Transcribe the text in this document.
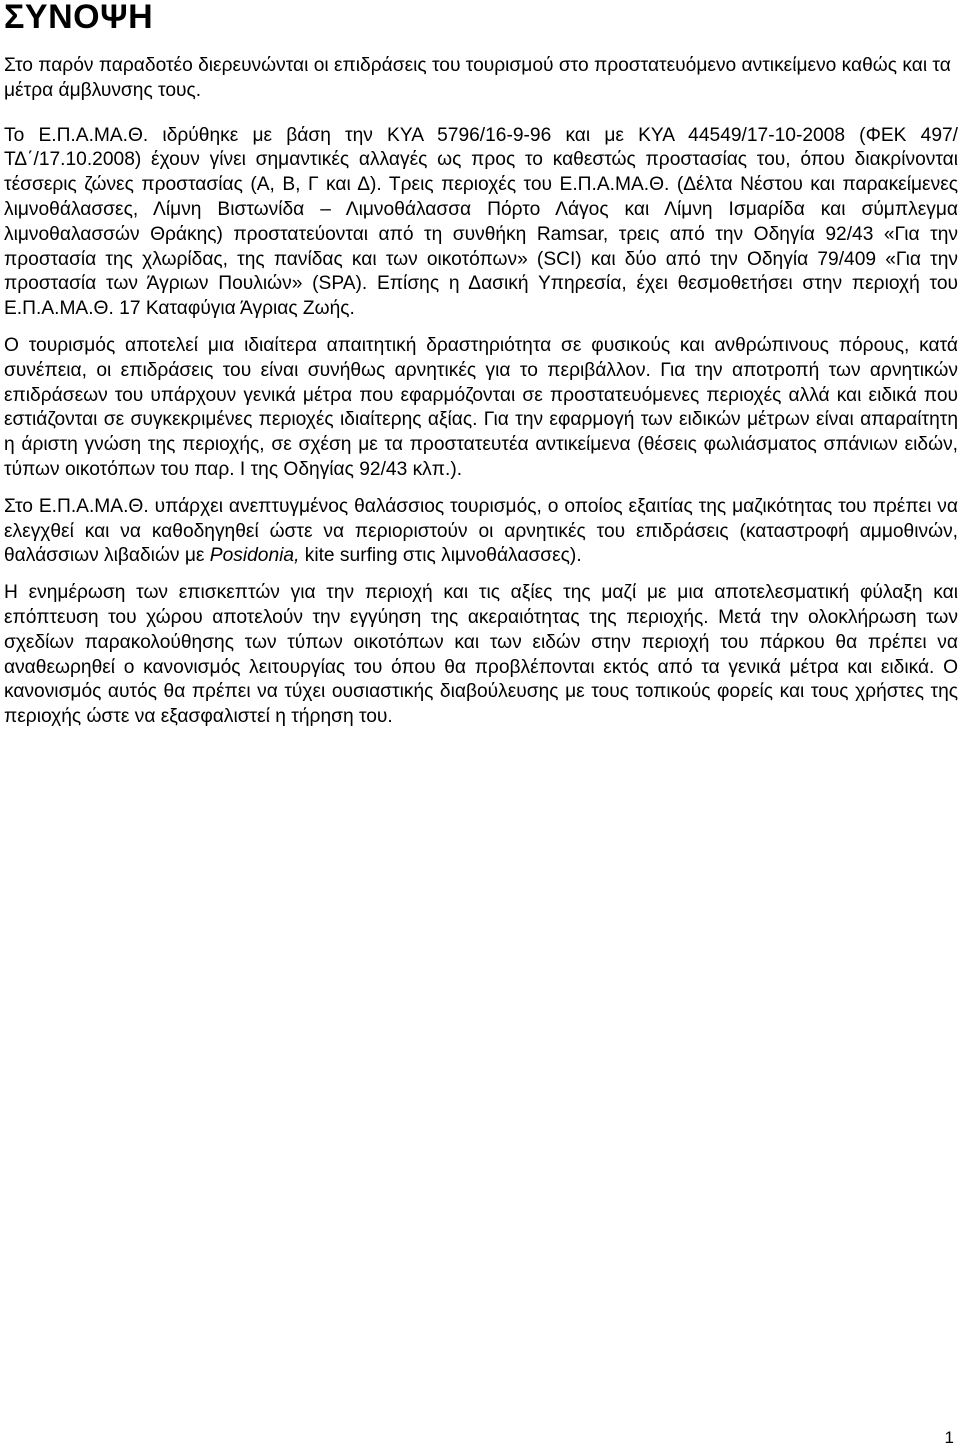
ΣΥΝΟΨΗ

Στο παρόν παραδοτέο διερευνώνται οι επιδράσεις του τουρισμού στο προστατευόμενο αντικείμενο καθώς και τα μέτρα άμβλυνσης τους.

Το Ε.Π.Α.ΜΑ.Θ. ιδρύθηκε με βάση την ΚΥΑ 5796/16-9-96 και με ΚΥΑ 44549/17-10-2008 (ΦΕΚ 497/ΤΔ΄/17.10.2008) έχουν γίνει σημαντικές αλλαγές ως προς το καθεστώς προστασίας του, όπου διακρίνονται τέσσερις ζώνες προστασίας (Α, Β, Γ και Δ). Τρεις περιοχές του Ε.Π.Α.ΜΑ.Θ. (Δέλτα Νέστου και παρακείμενες λιμνοθάλασσες, Λίμνη Βιστωνίδα – Λιμνοθάλασσα Πόρτο Λάγος και Λίμνη Ισμαρίδα και σύμπλεγμα λιμνοθαλασσών Θράκης) προστατεύονται από τη συνθήκη Ramsar, τρεις από την Οδηγία 92/43 «Για την προστασία της χλωρίδας, της πανίδας και των οικοτόπων» (SCI) και δύο από την Οδηγία 79/409 «Για την προστασία των Άγριων Πουλιών» (SPA). Επίσης η Δασική Υπηρεσία, έχει θεσμοθετήσει στην περιοχή του Ε.Π.Α.ΜΑ.Θ. 17 Καταφύγια Άγριας Ζωής.

Ο τουρισμός αποτελεί μια ιδιαίτερα απαιτητική δραστηριότητα σε φυσικούς και ανθρώπινους πόρους, κατά συνέπεια, οι επιδράσεις του είναι συνήθως αρνητικές για το περιβάλλον. Για την αποτροπή των αρνητικών επιδράσεων του υπάρχουν γενικά μέτρα που εφαρμόζονται σε προστατευόμενες περιοχές αλλά και ειδικά που εστιάζονται σε συγκεκριμένες περιοχές ιδιαίτερης αξίας. Για την εφαρμογή των ειδικών μέτρων είναι απαραίτητη η άριστη γνώση της περιοχής, σε σχέση με τα προστατευτέα αντικείμενα (θέσεις φωλιάσματος σπάνιων ειδών, τύπων οικοτόπων του παρ. Ι της Οδηγίας 92/43 κλπ.).

Στο Ε.Π.Α.ΜΑ.Θ. υπάρχει ανεπτυγμένος θαλάσσιος τουρισμός, ο οποίος εξαιτίας της μαζικότητας του πρέπει να ελεγχθεί και να καθοδηγηθεί ώστε να περιοριστούν οι αρνητικές του επιδράσεις (καταστροφή αμμοθινών, θαλάσσιων λιβαδιών με Posidonia, kite surfing στις λιμνοθάλασσες).

Η ενημέρωση των επισκεπτών για την περιοχή και τις αξίες της μαζί με μια αποτελεσματική φύλαξη και επόπτευση του χώρου αποτελούν την εγγύηση της ακεραιότητας της περιοχής. Μετά την ολοκλήρωση των σχεδίων παρακολούθησης των τύπων οικοτόπων και των ειδών στην περιοχή του πάρκου θα πρέπει να αναθεωρηθεί ο κανονισμός λειτουργίας του όπου θα προβλέπονται εκτός από τα γενικά μέτρα και ειδικά. Ο κανονισμός αυτός θα πρέπει να τύχει ουσιαστικής διαβούλευσης με τους τοπικούς φορείς και τους χρήστες της περιοχής ώστε να εξασφαλιστεί η τήρηση του.

1
